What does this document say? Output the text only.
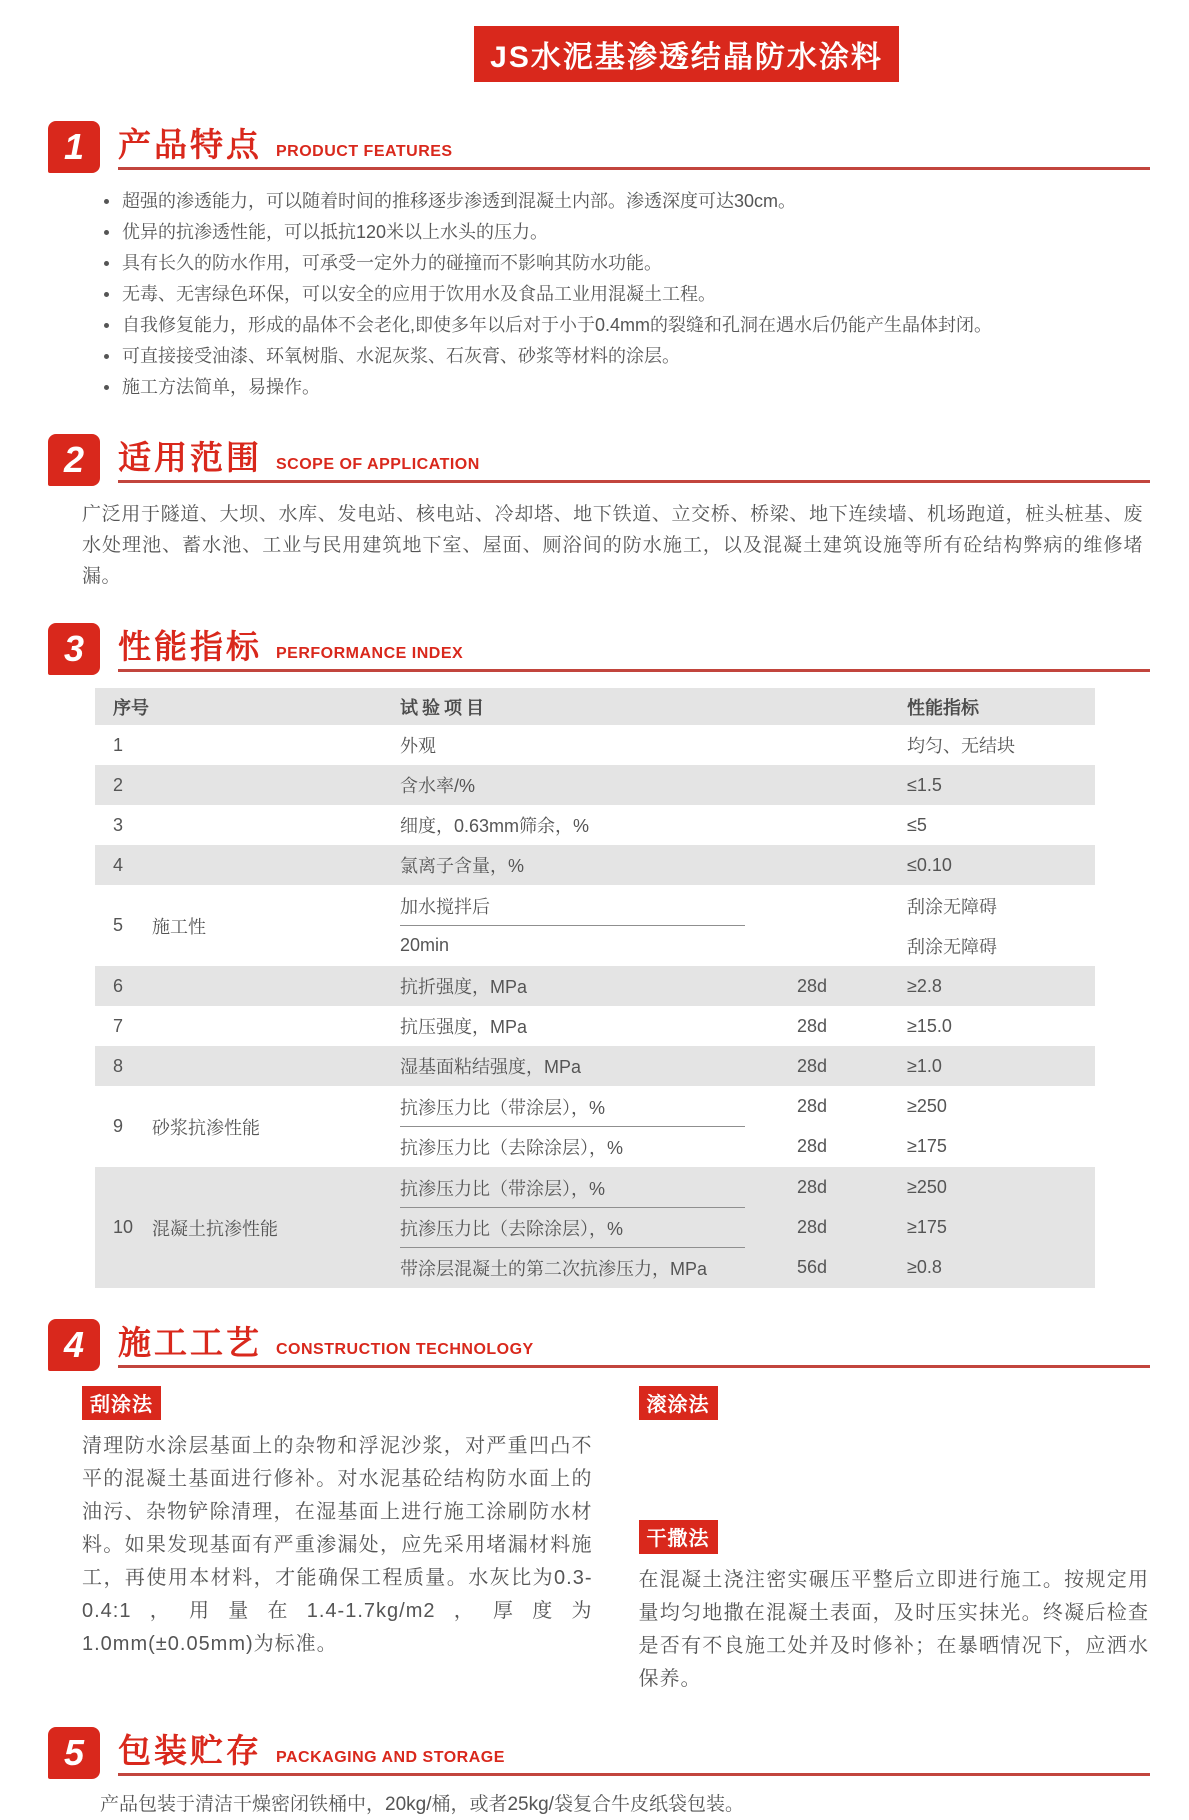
JS水泥基渗透结晶防水涂料
1	产品特点 PRODUCT FEATURES
超强的渗透能力，可以随着时间的推移逐步渗透到混凝土内部。渗透深度可达30cm。
优异的抗渗透性能，可以抵抗120米以上水头的压力。
具有长久的防水作用，可承受一定外力的碰撞而不影响其防水功能。
无毒、无害绿色环保，可以安全的应用于饮用水及食品工业用混凝土工程。
自我修复能力，形成的晶体不会老化,即使多年以后对于小于0.4mm的裂缝和孔洞在遇水后仍能产生晶体封闭。
可直接接受油漆、环氧树脂、水泥灰浆、石灰膏、砂浆等材料的涂层。
施工方法简单，易操作。
2	适用范围 SCOPE OF APPLICATION

广泛用于隧道、大坝、水库、发电站、核电站、冷却塔、地下铁道、立交桥、桥梁、地下连续墙、机场跑道，桩头桩基、废水处理池、蓄水池、工业与民用建筑地下室、屋面、厕浴间的防水施工，以及混凝土建筑设施等所有砼结构弊病的维修堵漏。

3	性能指标 PERFORMANCE INDEX
序号	试验项目	性能指标
1	外观	均匀、无结块
2	含水率/%	≤1.5
3	细度，0.63mm筛余，%	≤5
4	氯离子含量，%	≤0.10
5	施工性
加水搅拌后	刮涂无障碍
20min	刮涂无障碍
6	抗折强度，MPa	28d	≥2.8
7	抗压强度，MPa	28d	≥15.0
8	湿基面粘结强度，MPa	28d	≥1.0
9	砂浆抗渗性能
抗渗压力比（带涂层），%	28d	≥250
抗渗压力比（去除涂层），%	28d	≥175
10	混凝土抗渗性能
抗渗压力比（带涂层），%	28d	≥250
抗渗压力比（去除涂层），%	28d	≥175
带涂层混凝土的第二次抗渗压力，MPa	56d	≥0.8
4	施工工艺 CONSTRUCTION TECHNOLOGY
刮涂法

清理防水涂层基面上的杂物和浮泥沙浆，对严重凹凸不平的混凝土基面进行修补。对水泥基砼结构防水面上的油污、杂物铲除清理，在湿基面上进行施工涂刷防水材料。如果发现基面有严重渗漏处，应先采用堵漏材料施工，再使用本材料，才能确保工程质量。水灰比为0.3-0.4:1，用量在1.4-1.7kg/m2，厚度为1.0mm(±0.05mm)为标准。

滚涂法
干撒法

在混凝土浇注密实碾压平整后立即进行施工。按规定用量均匀地撒在混凝土表面，及时压实抹光。终凝后检查是否有不良施工处并及时修补；在暴晒情况下，应洒水保养。

5	包装贮存 PACKAGING AND STORAGE

产品包装于清洁干燥密闭铁桶中，20kg/桶，或者25kg/袋复合牛皮纸袋包装。
